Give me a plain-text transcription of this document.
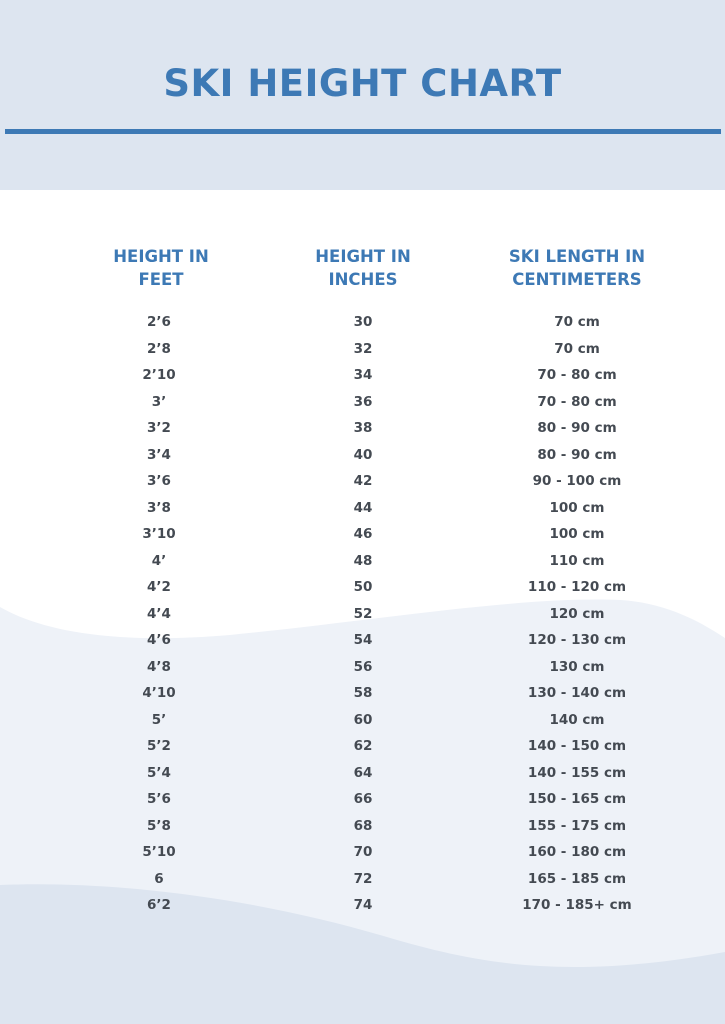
SKI HEIGHT CHART
HEIGHT IN
FEET
HEIGHT IN
INCHES
SKI LENGTH IN
CENTIMETERS
2’6	30	70 cm
2’8	32	70 cm
2’10	34	70 - 80 cm
3’	36	70 - 80 cm
3’2	38	80 - 90 cm
3’4	40	80 - 90 cm
3’6	42	90 - 100 cm
3’8	44	100 cm
3’10	46	100 cm
4’	48	110 cm
4’2	50	110 - 120 cm
4’4	52	120 cm
4’6	54	120 - 130 cm
4’8	56	130 cm
4’10	58	130 - 140 cm
5’	60	140 cm
5’2	62	140 - 150 cm
5’4	64	140 - 155 cm
5’6	66	150 - 165 cm
5’8	68	155 - 175 cm
5’10	70	160 - 180 cm
6	72	165 - 185 cm
6’2	74	170 - 185+ cm
